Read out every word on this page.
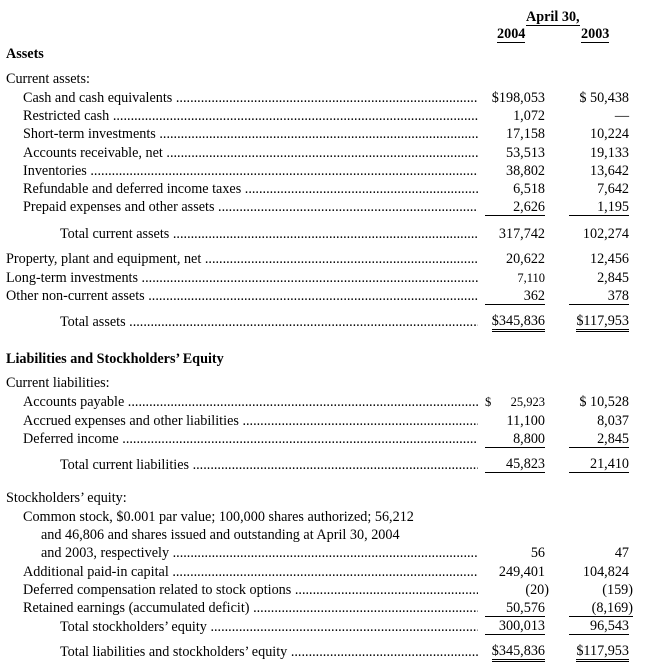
April 30,
2004	2003
Assets
Current assets:
Cash and cash equivalents .....	$198,053 $ 50,438
Restricted cash .....	1,072	—
Short-term investments .....	17,158	10,224
Accounts receivable, net .....	53,513	19,133
Inventories .....	38,802	13,642
Refundable and deferred income taxes .....	6,518	7,642
Prepaid expenses and other assets .....	2,626	1,195
Total current assets .....	317,742	102,274
Property, plant and equipment, net .....	20,622	12,456
Long-term investments .....	7,110	2,845
Other non-current assets .....	362	378
Total assets .....	$345,836 $117,953
Liabilities and Stockholders’ Equity
Current liabilities:
Accounts payable .....	$ 25,923 $ 10,528
Accrued expenses and other liabilities .....	11,100	8,037
Deferred income .....	8,800	2,845
Total current liabilities .....	45,823	21,410
Stockholders’ equity:
Common stock, $0.001 par value; 100,000 shares authorized; 56,212
and 46,806 and shares issued and outstanding at April 30, 2004
and 2003, respectively .....	56	47
Additional paid-in capital .....	249,401	104,824
Deferred compensation related to stock options .....	(20)	(159)
Retained earnings (accumulated deficit) .....	50,576	(8,169)
Total stockholders’ equity .....	300,013	96,543
Total liabilities and stockholders’ equity .....	$345,836 $117,953
